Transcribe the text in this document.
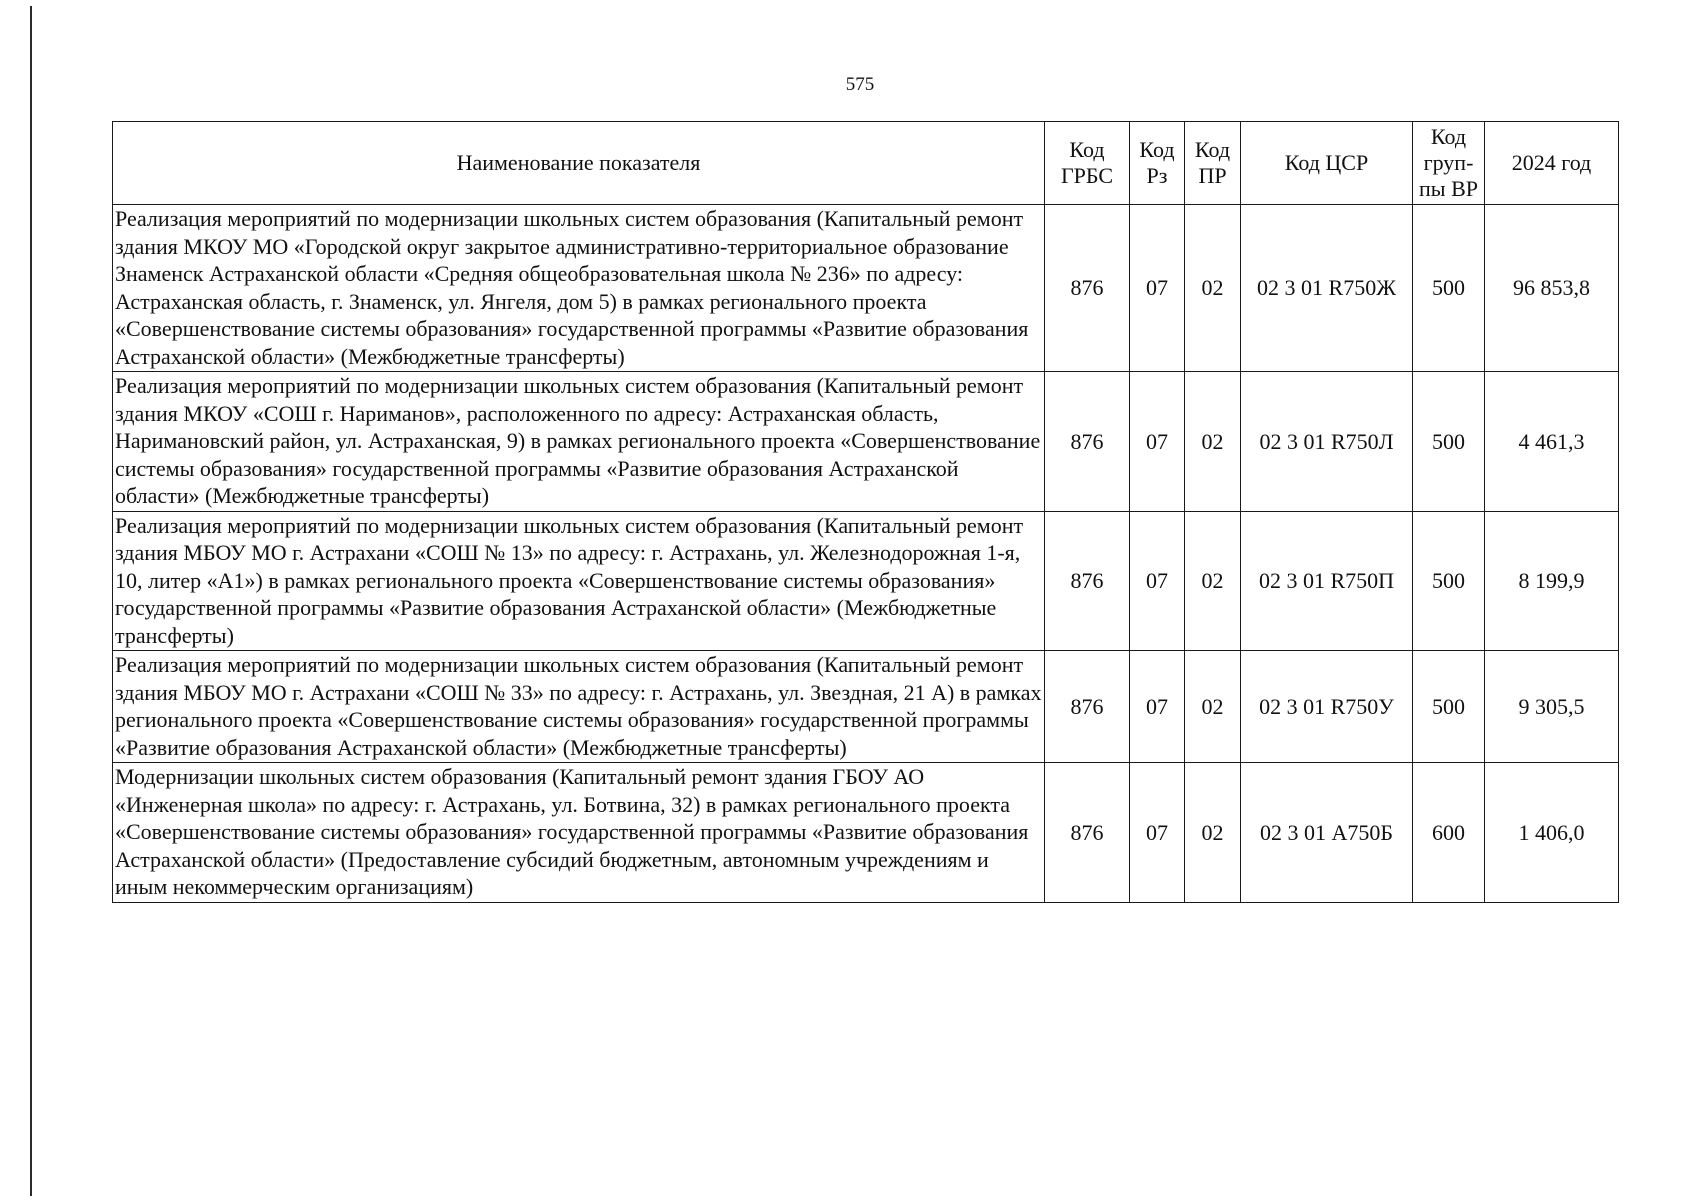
575
Наименование показателя	Код ГРБС	Код Рз	Код ПР	Код ЦСР	Код груп-пы ВР	2024 год
Реализация мероприятий по модернизации школьных систем образования (Капитальный ремонт здания МКОУ МО «Городской округ закрытое административно-территориальное образование Знаменск Астраханской области «Средняя общеобразовательная школа № 236» по адресу: Астраханская область, г. Знаменск, ул. Янгеля, дом 5) в рамках регионального проекта «Совершенствование системы образования» государственной программы «Развитие образования Астраханской области» (Межбюджетные трансферты)	876	07	02	02 3 01 R750Ж	500	96 853,8
Реализация мероприятий по модернизации школьных систем образования (Капитальный ремонт здания МКОУ «СОШ г. Нариманов», расположенного по адресу: Астраханская область, Наримановский район, ул. Астраханская, 9) в рамках регионального проекта «Совершенствование системы образования» государственной программы «Развитие образования Астраханской области» (Межбюджетные трансферты)	876	07	02	02 3 01 R750Л	500	4 461,3
Реализация мероприятий по модернизации школьных систем образования (Капитальный ремонт здания МБОУ МО г. Астрахани «СОШ № 13» по адресу: г. Астрахань, ул. Железнодорожная 1-я, 10, литер «А1») в рамках регионального проекта «Совершенствование системы образования» государственной программы «Развитие образования Астраханской области» (Межбюджетные трансферты)	876	07	02	02 3 01 R750П	500	8 199,9
Реализация мероприятий по модернизации школьных систем образования (Капитальный ремонт здания МБОУ МО г. Астрахани «СОШ № 33» по адресу: г. Астрахань, ул. Звездная, 21 А) в рамках регионального проекта «Совершенствование системы образования» государственной программы «Развитие образования Астраханской области» (Межбюджетные трансферты)	876	07	02	02 3 01 R750У	500	9 305,5
Модернизации школьных систем образования (Капитальный ремонт здания ГБОУ АО «Инженерная школа» по адресу: г. Астрахань, ул. Ботвина, 32) в рамках регионального проекта «Совершенствование системы образования» государственной программы «Развитие образования Астраханской области» (Предоставление субсидий бюджетным, автономным учреждениям и иным некоммерческим организациям)	876	07	02	02 3 01 А750Б	600	1 406,0
